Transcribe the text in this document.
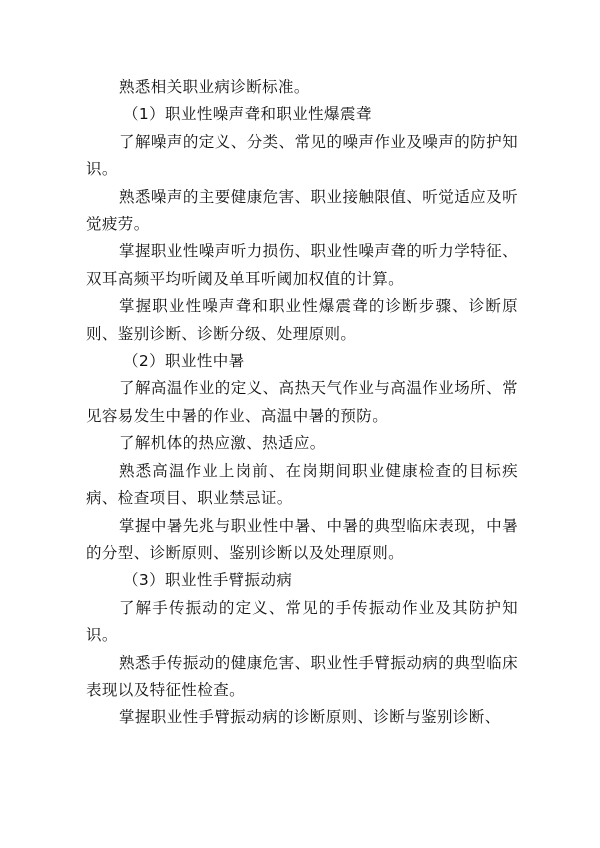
熟悉相关职业病诊断标准。

（1）职业性噪声聋和职业性爆震聋

了解噪声的定义、分类、常见的噪声作业及噪声的防护知识。

熟悉噪声的主要健康危害、职业接触限值、听觉适应及听觉疲劳。

掌握职业性噪声听力损伤、职业性噪声聋的听力学特征、双耳高频平均听阈及单耳听阈加权值的计算。

掌握职业性噪声聋和职业性爆震聋的诊断步骤、诊断原则、鉴别诊断、诊断分级、处理原则。

（2）职业性中暑

了解高温作业的定义、高热天气作业与高温作业场所、常见容易发生中暑的作业、高温中暑的预防。

了解机体的热应激、热适应。

熟悉高温作业上岗前、在岗期间职业健康检查的目标疾病、检查项目、职业禁忌证。

掌握中暑先兆与职业性中暑、中暑的典型临床表现，中暑的分型、诊断原则、鉴别诊断以及处理原则。

（3）职业性手臂振动病

了解手传振动的定义、常见的手传振动作业及其防护知识。

熟悉手传振动的健康危害、职业性手臂振动病的典型临床表现以及特征性检查。

掌握职业性手臂振动病的诊断原则、诊断与鉴别诊断、
